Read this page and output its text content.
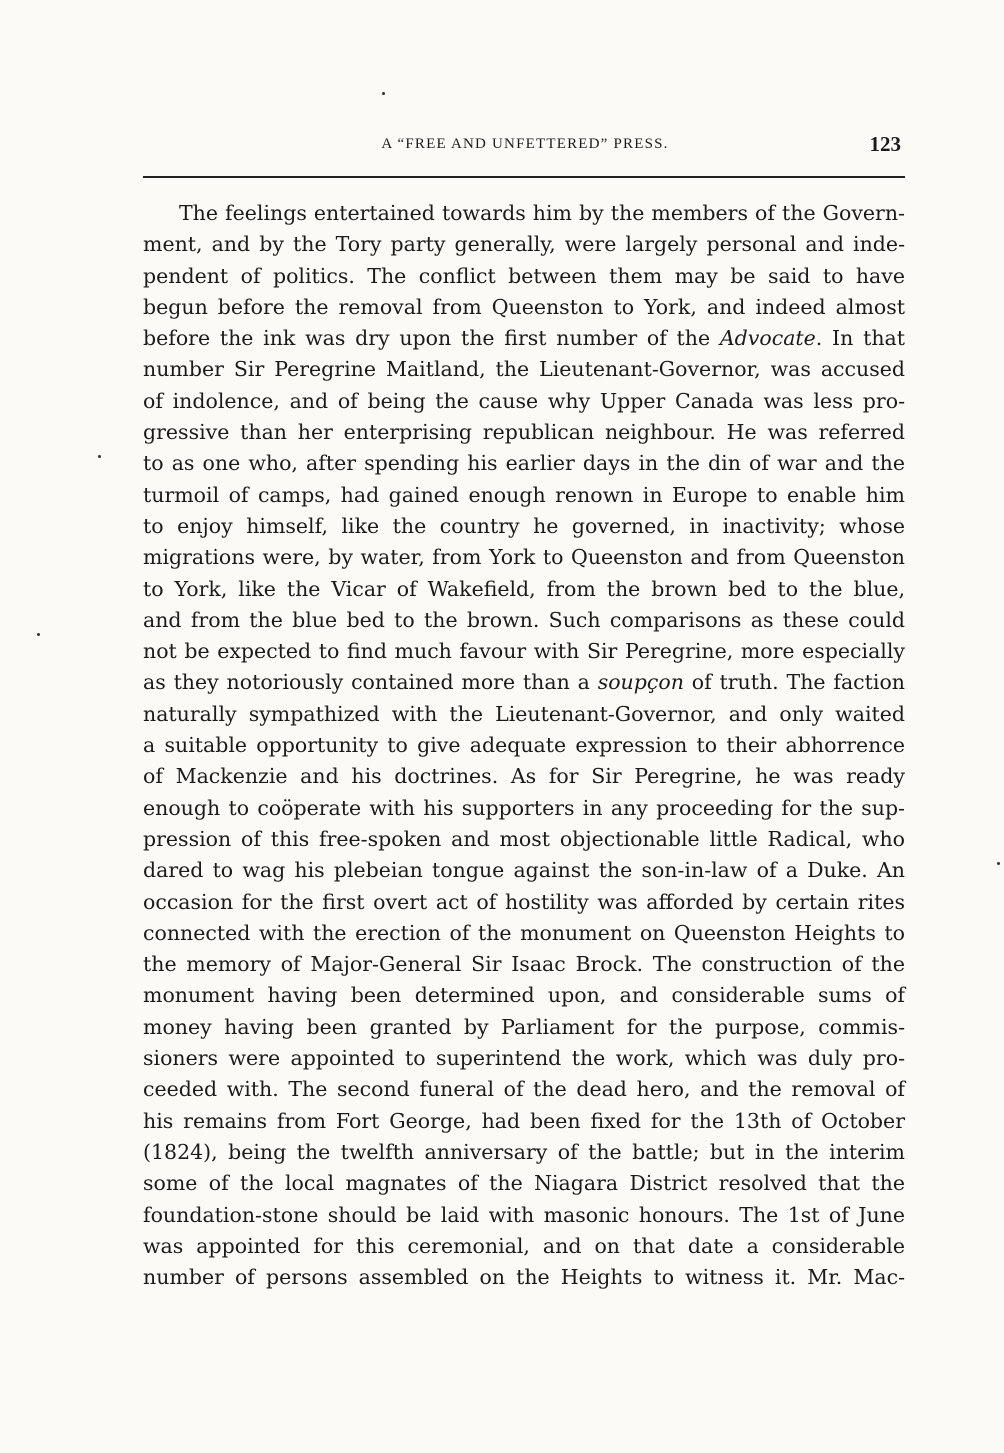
A “FREE AND UNFETTERED” PRESS.	123
The feelings entertained towards him by the members of the Govern-
ment, and by the Tory party generally, were largely personal and inde-
pendent of politics. The conflict between them may be said to have
begun before the removal from Queenston to York, and indeed almost
before the ink was dry upon the first number of the Advocate. In that
number Sir Peregrine Maitland, the Lieutenant-Governor, was accused
of indolence, and of being the cause why Upper Canada was less pro-
gressive than her enterprising republican neighbour. He was referred
to as one who, after spending his earlier days in the din of war and the
turmoil of camps, had gained enough renown in Europe to enable him
to enjoy himself, like the country he governed, in inactivity; whose
migrations were, by water, from York to Queenston and from Queenston
to York, like the Vicar of Wakefield, from the brown bed to the blue,
and from the blue bed to the brown. Such comparisons as these could
not be expected to find much favour with Sir Peregrine, more especially
as they notoriously contained more than a soupçon of truth. The faction
naturally sympathized with the Lieutenant-Governor, and only waited
a suitable opportunity to give adequate expression to their abhorrence
of Mackenzie and his doctrines. As for Sir Peregrine, he was ready
enough to coöperate with his supporters in any proceeding for the sup-
pression of this free-spoken and most objectionable little Radical, who
dared to wag his plebeian tongue against the son-in-law of a Duke. An
occasion for the first overt act of hostility was afforded by certain rites
connected with the erection of the monument on Queenston Heights to
the memory of Major-General Sir Isaac Brock. The construction of the
monument having been determined upon, and considerable sums of
money having been granted by Parliament for the purpose, commis-
sioners were appointed to superintend the work, which was duly pro-
ceeded with. The second funeral of the dead hero, and the removal of
his remains from Fort George, had been fixed for the 13th of October
(1824), being the twelfth anniversary of the battle; but in the interim
some of the local magnates of the Niagara District resolved that the
foundation-stone should be laid with masonic honours. The 1st of June
was appointed for this ceremonial, and on that date a considerable
number of persons assembled on the Heights to witness it. Mr. Mac-
